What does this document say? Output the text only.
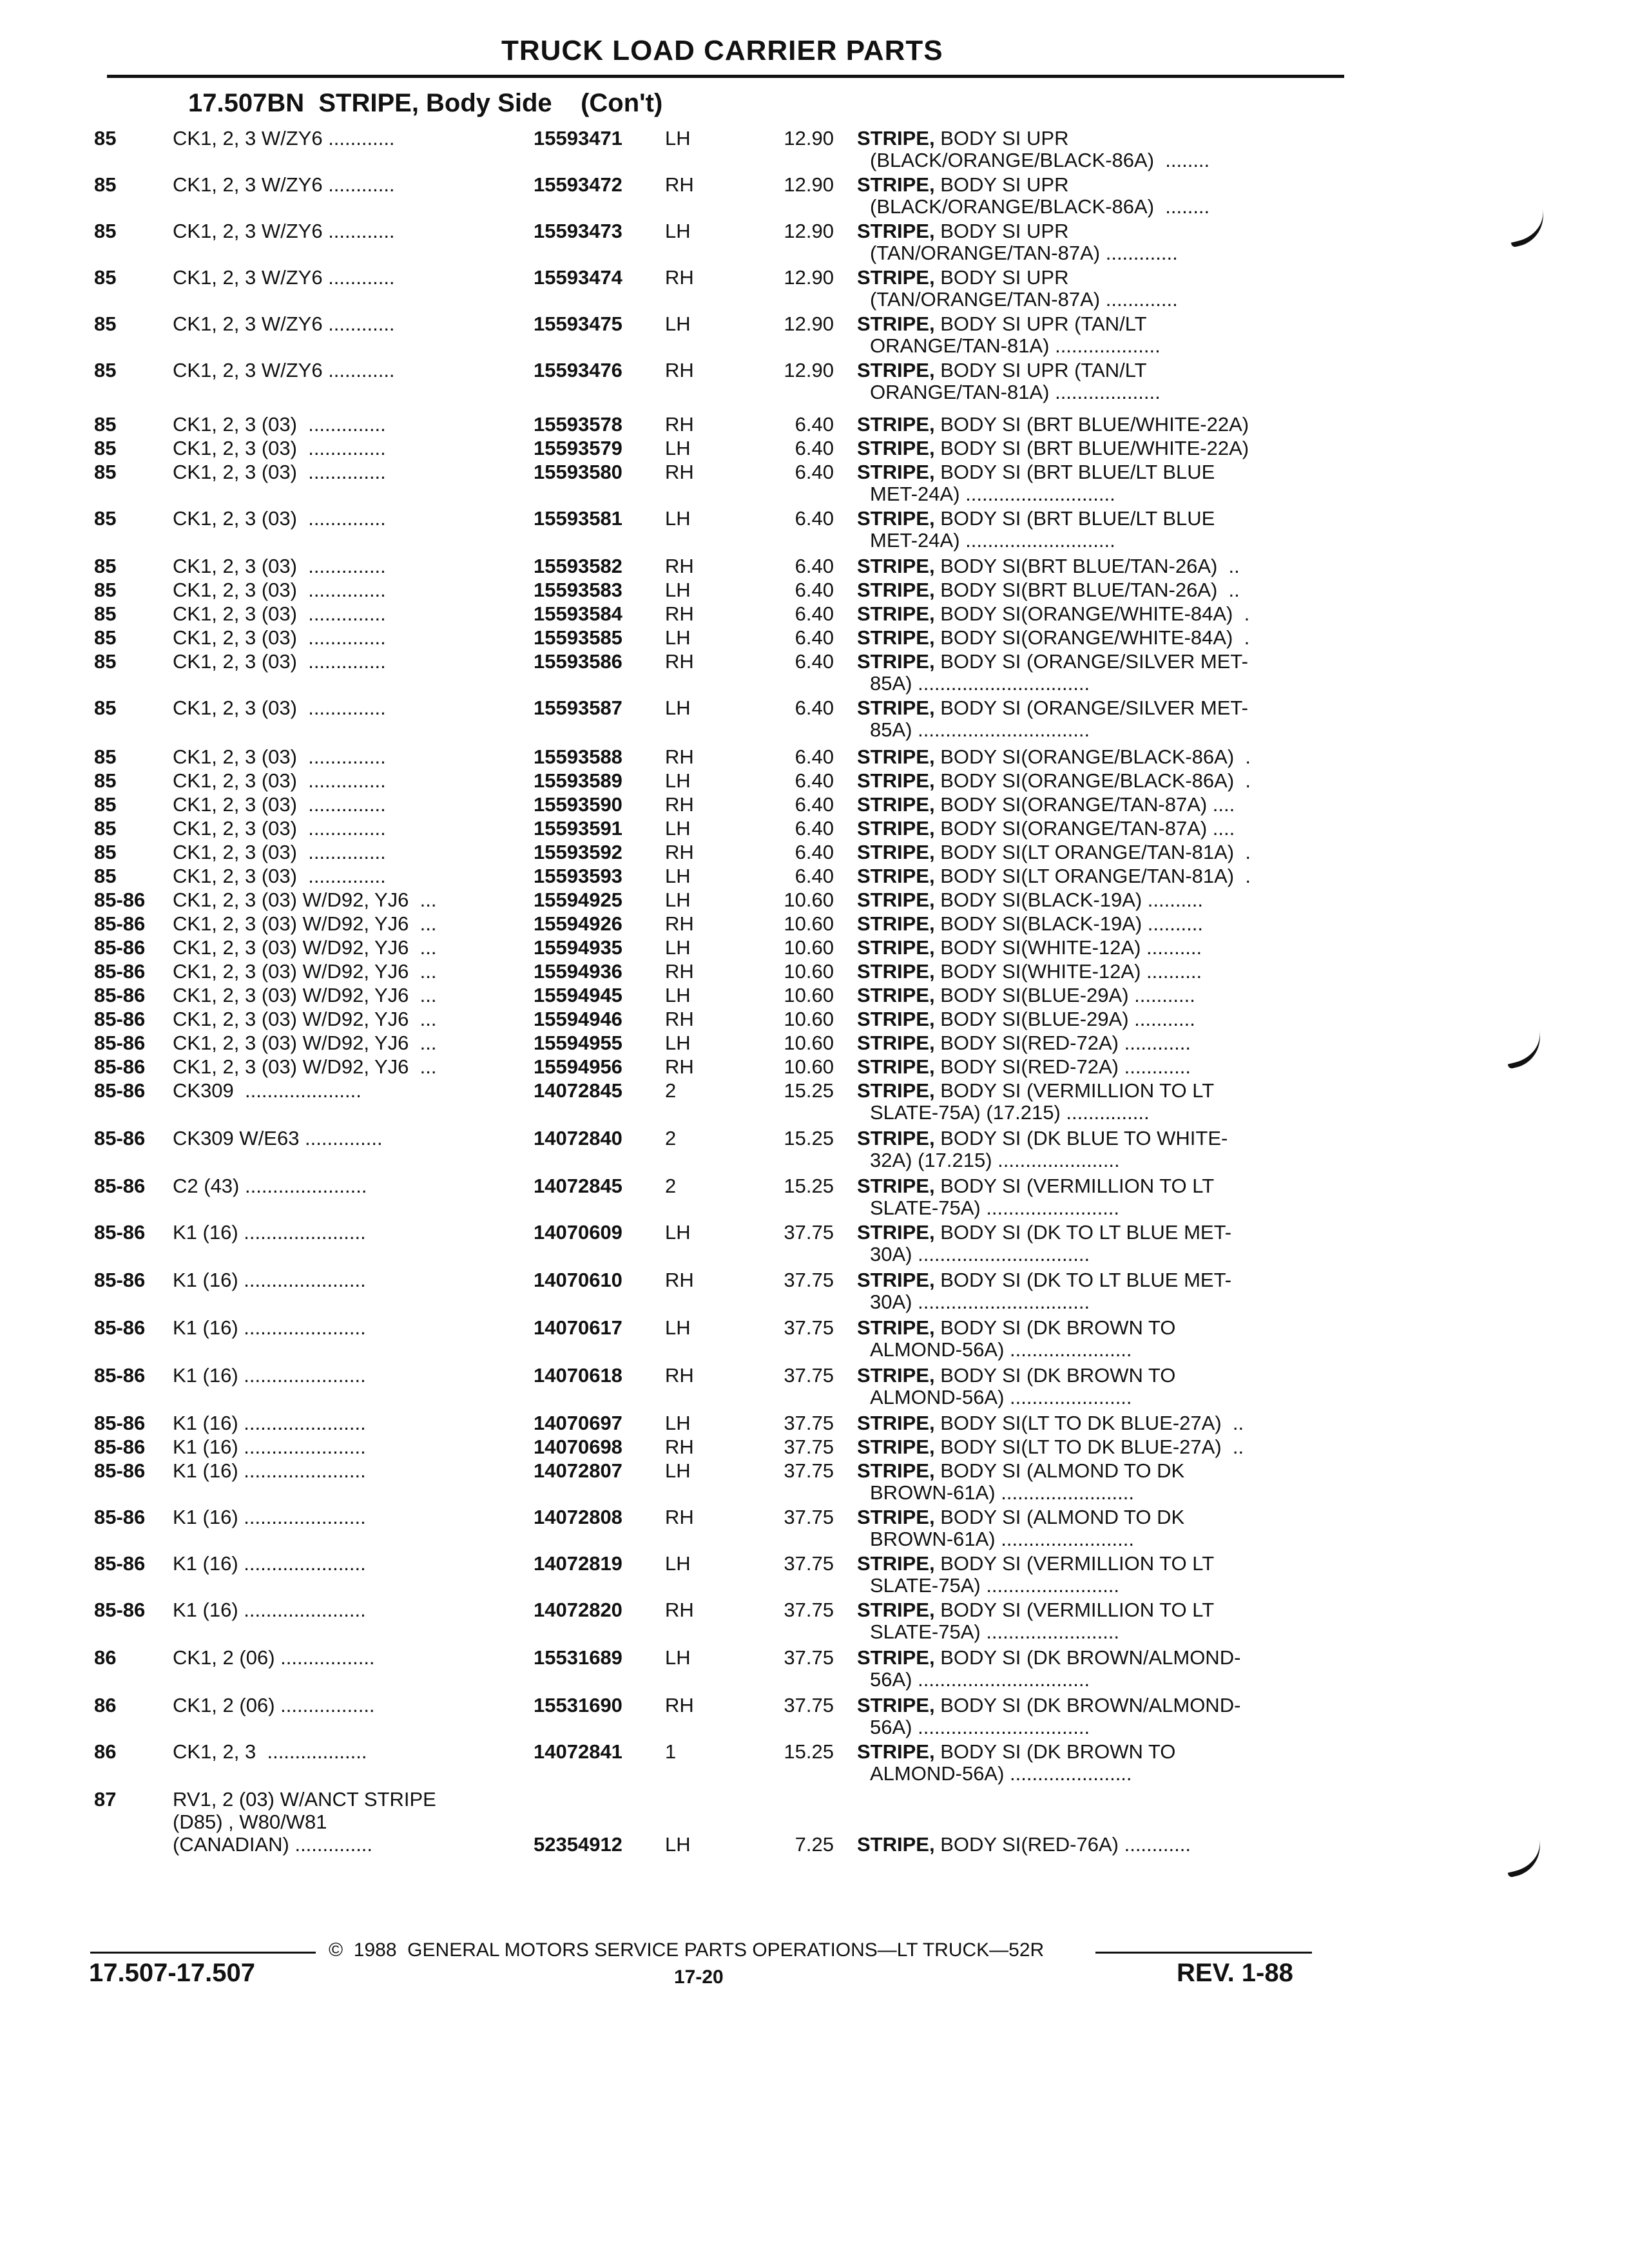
TRUCK LOAD CARRIER PARTS
17.507BN  STRIPE, Body Side    (Con't)
85	CK1, 2, 3 W/ZY6 ............	15593471 LH	12.90 STRIPE, BODY SI UPR
(BLACK/ORANGE/BLACK-86A)  ........
85	CK1, 2, 3 W/ZY6 ............	15593472 RH	12.90 STRIPE, BODY SI UPR
(BLACK/ORANGE/BLACK-86A)  ........
85	CK1, 2, 3 W/ZY6 ............	15593473 LH	12.90 STRIPE, BODY SI UPR
(TAN/ORANGE/TAN-87A) .............
85	CK1, 2, 3 W/ZY6 ............	15593474 RH	12.90 STRIPE, BODY SI UPR
(TAN/ORANGE/TAN-87A) .............
85	CK1, 2, 3 W/ZY6 ............	15593475 LH	12.90 STRIPE, BODY SI UPR (TAN/LT
ORANGE/TAN-81A) ...................
85	CK1, 2, 3 W/ZY6 ............	15593476 RH	12.90 STRIPE, BODY SI UPR (TAN/LT
ORANGE/TAN-81A) ...................
85	CK1, 2, 3 (03)  ..............	15593578 RH	6.40 STRIPE, BODY SI (BRT BLUE/WHITE-22A)
85	CK1, 2, 3 (03)  ..............	15593579 LH	6.40 STRIPE, BODY SI (BRT BLUE/WHITE-22A)
85	CK1, 2, 3 (03)  ..............	15593580 RH	6.40 STRIPE, BODY SI (BRT BLUE/LT BLUE
MET-24A) ...........................
85	CK1, 2, 3 (03)  ..............	15593581 LH	6.40 STRIPE, BODY SI (BRT BLUE/LT BLUE
MET-24A) ...........................
85	CK1, 2, 3 (03)  ..............	15593582 RH	6.40 STRIPE, BODY SI(BRT BLUE/TAN-26A)  ..
85	CK1, 2, 3 (03)  ..............	15593583 LH	6.40 STRIPE, BODY SI(BRT BLUE/TAN-26A)  ..
85	CK1, 2, 3 (03)  ..............	15593584 RH	6.40 STRIPE, BODY SI(ORANGE/WHITE-84A)  .
85	CK1, 2, 3 (03)  ..............	15593585 LH	6.40 STRIPE, BODY SI(ORANGE/WHITE-84A)  .
85	CK1, 2, 3 (03)  ..............	15593586 RH	6.40 STRIPE, BODY SI (ORANGE/SILVER MET-
85A) ...............................
85	CK1, 2, 3 (03)  ..............	15593587 LH	6.40 STRIPE, BODY SI (ORANGE/SILVER MET-
85A) ...............................
85	CK1, 2, 3 (03)  ..............	15593588 RH	6.40 STRIPE, BODY SI(ORANGE/BLACK-86A)  .
85	CK1, 2, 3 (03)  ..............	15593589 LH	6.40 STRIPE, BODY SI(ORANGE/BLACK-86A)  .
85	CK1, 2, 3 (03)  ..............	15593590 RH	6.40 STRIPE, BODY SI(ORANGE/TAN-87A) ....
85	CK1, 2, 3 (03)  ..............	15593591 LH	6.40 STRIPE, BODY SI(ORANGE/TAN-87A) ....
85	CK1, 2, 3 (03)  ..............	15593592 RH	6.40 STRIPE, BODY SI(LT ORANGE/TAN-81A)  .
85	CK1, 2, 3 (03)  ..............	15593593 LH	6.40 STRIPE, BODY SI(LT ORANGE/TAN-81A)  .
85-86 CK1, 2, 3 (03) W/D92, YJ6  ...	15594925 LH	10.60 STRIPE, BODY SI(BLACK-19A) ..........
85-86 CK1, 2, 3 (03) W/D92, YJ6  ...	15594926 RH	10.60 STRIPE, BODY SI(BLACK-19A) ..........
85-86 CK1, 2, 3 (03) W/D92, YJ6  ...	15594935 LH	10.60 STRIPE, BODY SI(WHITE-12A) ..........
85-86 CK1, 2, 3 (03) W/D92, YJ6  ...	15594936 RH	10.60 STRIPE, BODY SI(WHITE-12A) ..........
85-86 CK1, 2, 3 (03) W/D92, YJ6  ...	15594945 LH	10.60 STRIPE, BODY SI(BLUE-29A) ...........
85-86 CK1, 2, 3 (03) W/D92, YJ6  ...	15594946 RH	10.60 STRIPE, BODY SI(BLUE-29A) ...........
85-86 CK1, 2, 3 (03) W/D92, YJ6  ...	15594955 LH	10.60 STRIPE, BODY SI(RED-72A) ............
85-86 CK1, 2, 3 (03) W/D92, YJ6  ...	15594956 RH	10.60 STRIPE, BODY SI(RED-72A) ............
85-86 CK309  .....................	14072845 2	15.25 STRIPE, BODY SI (VERMILLION TO LT
SLATE-75A) (17.215) ...............
85-86 CK309 W/E63 ..............	14072840 2	15.25 STRIPE, BODY SI (DK BLUE TO WHITE-
32A) (17.215) ......................
85-86 C2 (43) ......................	14072845 2	15.25 STRIPE, BODY SI (VERMILLION TO LT
SLATE-75A) ........................
85-86 K1 (16) ......................	14070609 LH	37.75 STRIPE, BODY SI (DK TO LT BLUE MET-
30A) ...............................
85-86 K1 (16) ......................	14070610 RH	37.75 STRIPE, BODY SI (DK TO LT BLUE MET-
30A) ...............................
85-86 K1 (16) ......................	14070617 LH	37.75 STRIPE, BODY SI (DK BROWN TO
ALMOND-56A) ......................
85-86 K1 (16) ......................	14070618 RH	37.75 STRIPE, BODY SI (DK BROWN TO
ALMOND-56A) ......................
85-86 K1 (16) ......................	14070697 LH	37.75 STRIPE, BODY SI(LT TO DK BLUE-27A)  ..
85-86 K1 (16) ......................	14070698 RH	37.75 STRIPE, BODY SI(LT TO DK BLUE-27A)  ..
85-86 K1 (16) ......................	14072807 LH	37.75 STRIPE, BODY SI (ALMOND TO DK
BROWN-61A) ........................
85-86 K1 (16) ......................	14072808 RH	37.75 STRIPE, BODY SI (ALMOND TO DK
BROWN-61A) ........................
85-86 K1 (16) ......................	14072819 LH	37.75 STRIPE, BODY SI (VERMILLION TO LT
SLATE-75A) ........................
85-86 K1 (16) ......................	14072820 RH	37.75 STRIPE, BODY SI (VERMILLION TO LT
SLATE-75A) ........................
86	CK1, 2 (06) .................	15531689 LH	37.75 STRIPE, BODY SI (DK BROWN/ALMOND-
56A) ...............................
86	CK1, 2 (06) .................	15531690 RH	37.75 STRIPE, BODY SI (DK BROWN/ALMOND-
56A) ...............................
86	CK1, 2, 3  ..................	14072841 1	15.25 STRIPE, BODY SI (DK BROWN TO
ALMOND-56A) ......................
87	RV1, 2 (03) W/ANCT STRIPE
(D85) , W80/W81
(CANADIAN) ..............	52354912 LH	7.25 STRIPE, BODY SI(RED-76A) ............
©  1988  GENERAL MOTORS SERVICE PARTS OPERATIONS—LT TRUCK—52R
17.507-17.507	17-20	REV. 1-88
